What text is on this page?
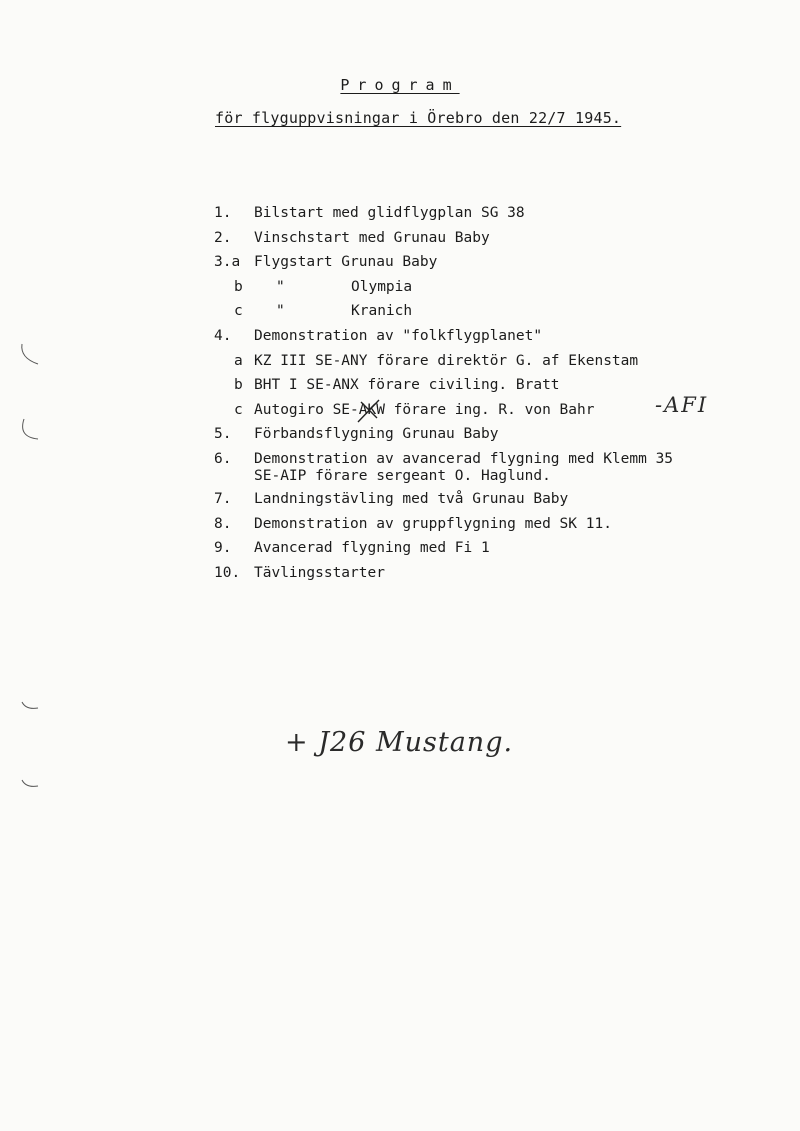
Program
för flyguppvisningar i Örebro den 22/7 1945.
1.	Bilstart med glidflygplan SG 38
2.	Vinschstart med Grunau Baby
3.a Flygstart Grunau Baby
b	"	Olympia
c	"	Kranich
4.	Demonstration av "folkflygplanet"
a KZ III SE-ANY förare direktör G. af Ekenstam
b BHT I SE-ANX förare civiling. Bratt
c Autogiro SE-AKW förare ing. R. von Bahr
5.	Förbandsflygning Grunau Baby
6.	Demonstration av avancerad flygning med Klemm 35
SE-AIP förare sergeant O. Haglund.
7.	Landningstävling med två Grunau Baby
8.	Demonstration av gruppflygning med SK 11.
9.	Avancerad flygning med Fi 1
10. Tävlingsstarter
-AFI
+ J26 Mustang.
